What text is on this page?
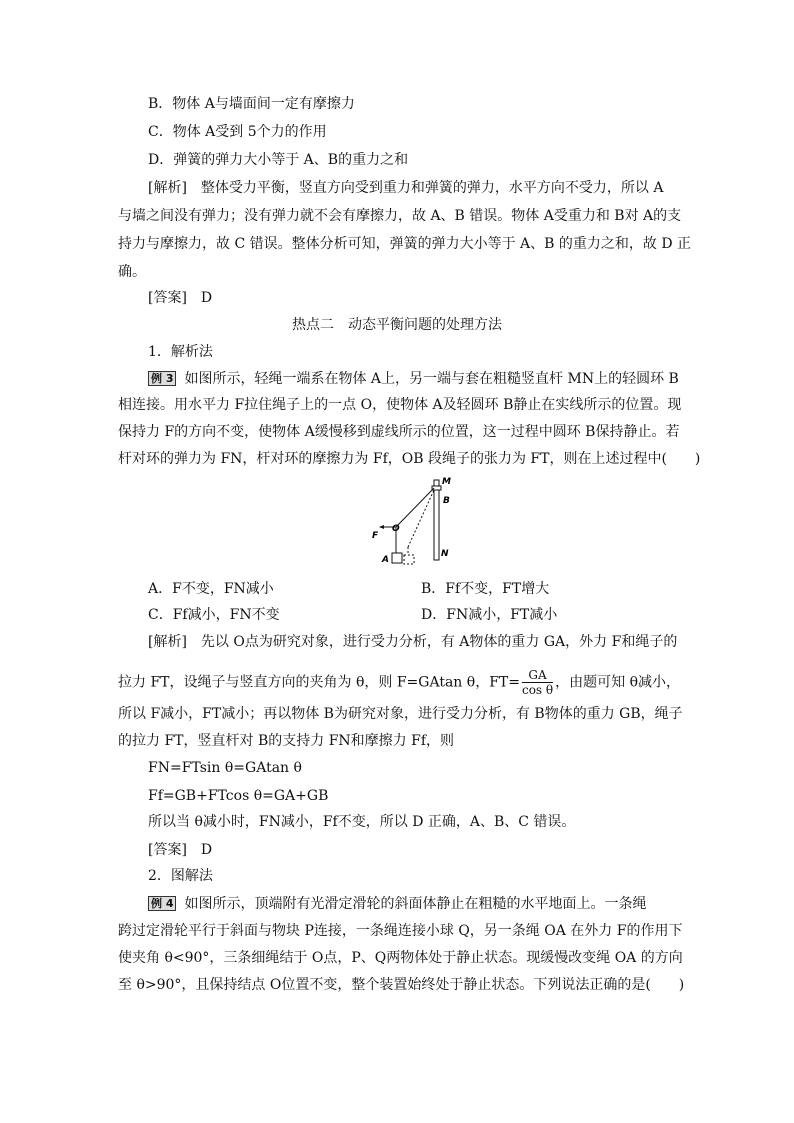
B．物体 A与墙面间一定有摩擦力
C．物体 A受到 5个力的作用
D．弹簧的弹力大小等于 A、B的重力之和
[解析]　整体受力平衡，竖直方向受到重力和弹簧的弹力，水平方向不受力，所以 A
与墙之间没有弹力；没有弹力就不会有摩擦力，故 A、B 错误。物体 A受重力和 B对 A的支
持力与摩擦力，故 C 错误。整体分析可知，弹簧的弹力大小等于 A、B 的重力之和，故 D 正
确。
[答案]　D
热点二　动态平衡问题的处理方法
1．解析法
例 3 如图所示，轻绳一端系在物体 A上，另一端与套在粗糙竖直杆 MN上的轻圆环 B
相连接。用水平力 F拉住绳子上的一点 O，使物体 A及轻圆环 B静止在实线所示的位置。现
保持力 F的方向不变，使物体 A缓慢移到虚线所示的位置，这一过程中圆环 B保持静止。若
杆对环的弹力为 FN，杆对环的摩擦力为 Ff，OB 段绳子的张力为 FT，则在上述过程中(　　)
M
B
F
O
A
N
A．F不变，FN减小	B．Ff不变，FT增大
C．Ff减小，FN不变	D．FN减小，FT减小
[解析]　先以 O点为研究对象，进行受力分析，有 A物体的重力 GA，外力 F和绳子的
拉力 FT，设绳子与竖直方向的夹角为 θ，则 F=GAtan θ，$FT= \frac{GA}{\text{cos θ}}$ ，由题可知 θ减小，
所以 F减小，FT减小；再以物体 B为研究对象，进行受力分析，有 B物体的重力 GB，绳子
的拉力 FT，竖直杆对 B的支持力 FN和摩擦力 Ff，则
FN=FTsin θ=GAtan θ
Ff=GB+FTcos θ=GA+GB
所以当 θ减小时，FN减小，Ff不变，所以 D 正确，A、B、C 错误。
[答案]　D
2．图解法
例 4 如图所示，顶端附有光滑定滑轮的斜面体静止在粗糙的水平地面上。一条绳
跨过定滑轮平行于斜面与物块 P连接，一条绳连接小球 Q，另一条绳 OA 在外力 F的作用下
使夹角 θ<90°，三条细绳结于 O点，P、Q两物体处于静止状态。现缓慢改变绳 OA 的方向
至 θ>90°，且保持结点 O位置不变，整个装置始终处于静止状态。下列说法正确的是(　　)
